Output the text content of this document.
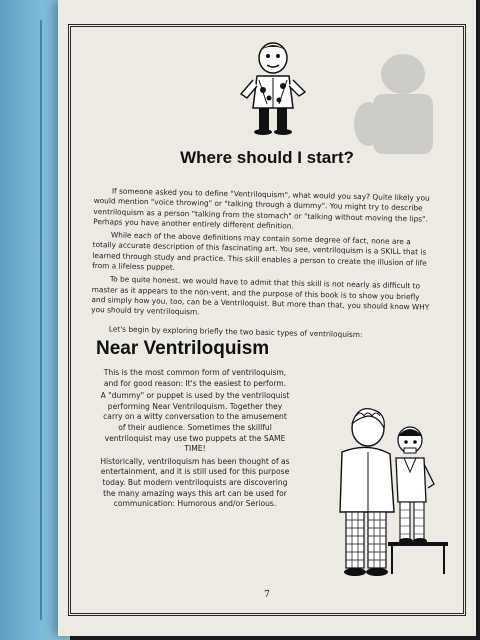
Where should I start?

If someone asked you to define "Ventriloquism", what would you say? Quite likely you would mention "voice throwing" or "talking through a dummy". You might try to describe ventriloquism as a person "talking from the stomach" or "talking without moving the lips". Perhaps you have another entirely different definition.

While each of the above definitions may contain some degree of fact, none are a totally accurate description of this fascinating art. You see, ventriloquism is a SKILL that is learned through study and practice. This skill enables a person to create the illusion of life from a lifeless puppet.

To be quite honest, we would have to admit that this skill is not nearly as difficult to master as it appears to the non-vent, and the purpose of this book is to show you briefly and simply how you, too, can be a Ventriloquist. But more than that, you should know WHY you should try ventriloquism.

Let's begin by exploring briefly the two basic types of ventriloquism:

Near Ventriloquism

This is the most common form of ventriloquism, and for good reason: It's the easiest to perform.

A "dummy" or puppet is used by the ventriloquist performing Near Ventriloquism. Together they carry on a witty conversation to the amusement of their audience. Sometimes the skillful ventriloquist may use two puppets at the SAME TIME!

Historically, ventriloquism has been thought of as entertainment, and it is still used for this purpose today. But modern ventriloquists are discovering the many amazing ways this art can be used for communication: Humorous and/or Serious.

7
